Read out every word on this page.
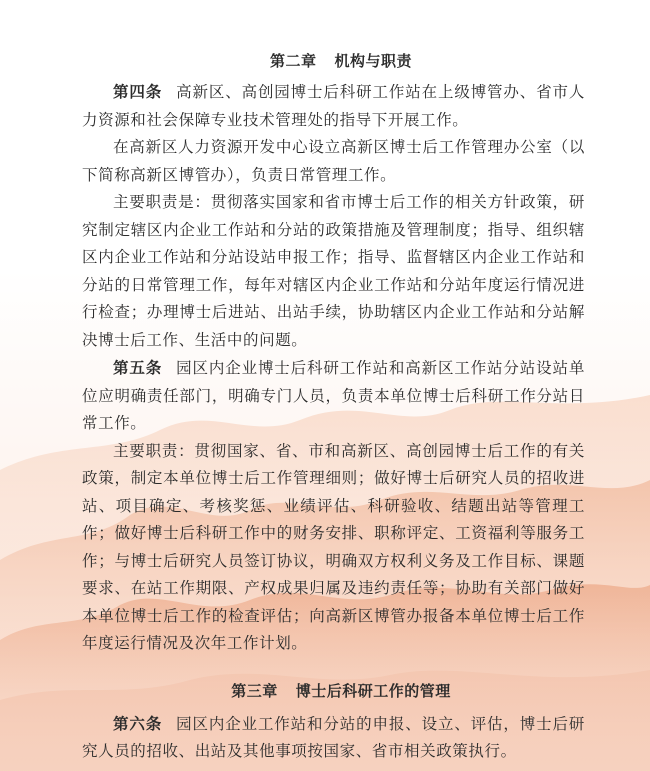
第二章 机构与职责

第四条 高新区、高创园博士后科研工作站在上级博管办、省市人力资源和社会保障专业技术管理处的指导下开展工作。

在高新区人力资源开发中心设立高新区博士后工作管理办公室（以下简称高新区博管办），负责日常管理工作。

主要职责是：贯彻落实国家和省市博士后工作的相关方针政策，研究制定辖区内企业工作站和分站的政策措施及管理制度；指导、组织辖区内企业工作站和分站设站申报工作；指导、监督辖区内企业工作站和分站的日常管理工作，每年对辖区内企业工作站和分站年度运行情况进行检查；办理博士后进站、出站手续，协助辖区内企业工作站和分站解决博士后工作、生活中的问题。

第五条 园区内企业博士后科研工作站和高新区工作站分站设站单位应明确责任部门，明确专门人员，负责本单位博士后科研工作分站日常工作。

主要职责：贯彻国家、省、市和高新区、高创园博士后工作的有关政策，制定本单位博士后工作管理细则；做好博士后研究人员的招收进站、项目确定、考核奖惩、业绩评估、科研验收、结题出站等管理工作；做好博士后科研工作中的财务安排、职称评定、工资福利等服务工作；与博士后研究人员签订协议，明确双方权利义务及工作目标、课题要求、在站工作期限、产权成果归属及违约责任等；协助有关部门做好本单位博士后工作的检查评估；向高新区博管办报备本单位博士后工作年度运行情况及次年工作计划。

第三章 博士后科研工作的管理

第六条 园区内企业工作站和分站的申报、设立、评估，博士后研究人员的招收、出站及其他事项按国家、省市相关政策执行。
